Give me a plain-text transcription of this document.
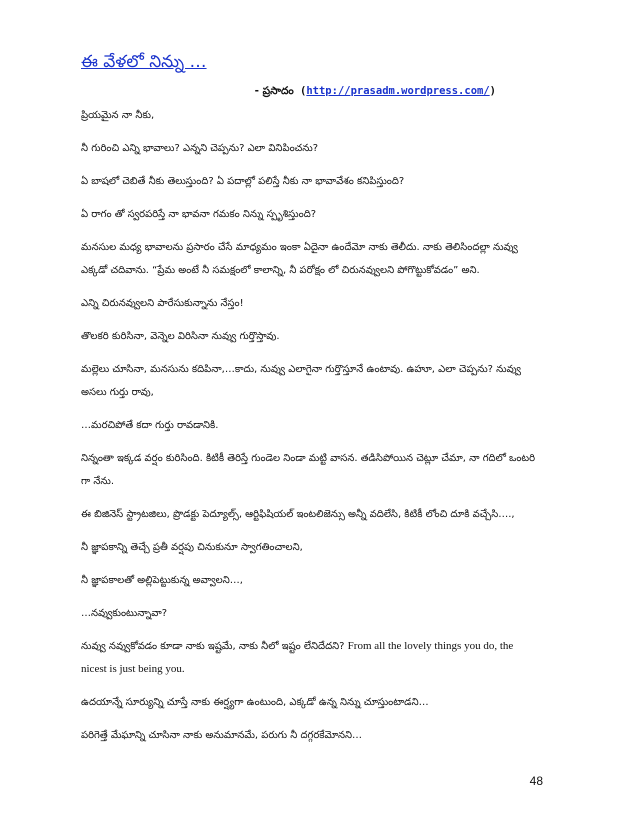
ఈ వేళలో నిన్ను …
- ప్రసాదం (http://prasadm.wordpress.com/)

ప్రియమైన నా నీకు,

నీ గురించి ఎన్ని భావాలు? ఎన్నని చెప్పను? ఎలా వినిపించను?

ఏ బాషలో చెబితే నీకు తెలుస్తుంది? ఏ పదాల్లో పలిస్తే నీకు నా భావావేశం కనిపిస్తుంది?

ఏ రాగం తో స్వరపరిస్తే నా భావనా గమకం నిన్ను స్పృశిస్తుంది?

మనసుల మధ్య భావాలను ప్రసారం చేసే మాధ్యమం ఇంకా ఏదైనా ఉందేమో నాకు తెలీదు. నాకు తెలిసిందల్లా నువ్వు ఎక్కడో చదివాను. “ప్రేమ అంటే నీ సమక్షంలో కాలాన్ని, నీ పరోక్షం లో చిరునవ్వులని పోగొట్టుకోవడం” అని.

ఎన్ని చిరునవ్వులని పారేసుకున్నాను నేస్తం!

తొలకరి కురిసినా, వెన్నెల విరిసినా నువ్వు గుర్తొస్తావు.

మల్లెలు చూసినా, మనసును కదిపినా,…కాదు, నువ్వు ఎలాగైనా గుర్తొస్తూనే ఉంటావు. ఉహూ, ఎలా చెప్పను? నువ్వు అసలు గుర్తు రావు,

…మరచిపోతే కదా గుర్తు రావడానికి.

నిన్నంతా ఇక్కడ వర్షం కురిసింది. కిటికీ తెరిస్తే గుండెల నిండా మట్టి వాసన. తడిసిపోయిన చెట్లూ చేమా, నా గదిలో ఒంటరి గా నేను.

ఈ బిజినెస్ స్ట్రాటజిలు, ప్రొడక్టు పెద్యూల్స్, ఆర్టిఫిషియల్ ఇంటలిజెన్సు అన్నీ వదిలేసి, కిటికీ లోంచి దూకి వచ్చేసి….,

నీ జ్ఞాపకాన్ని తెచ్చే ప్రతీ వర్షపు చినుకునూ స్వాగతించాలని,

నీ జ్ఞాపకాలతో అల్లిపెట్టుకున్న అవ్వాలని…,

…నవ్వుకుంటున్నావా?

నువ్వు నవ్వుకోవడం కూడా నాకు ఇష్టమే, నాకు నీలో ఇష్టం లేనిదేదని? From all the lovely things you do, the nicest is just being you.

ఉదయాన్నే సూర్యున్ని చూస్తే నాకు ఈర్ష్యగా ఉంటుంది, ఎక్కడో ఉన్న నిన్ను చూస్తుంటాడని…

పరిగెత్తే మేఘాన్ని చూసినా నాకు అనుమానమే, పరుగు నీ దగ్గరకేమోనని…

48
